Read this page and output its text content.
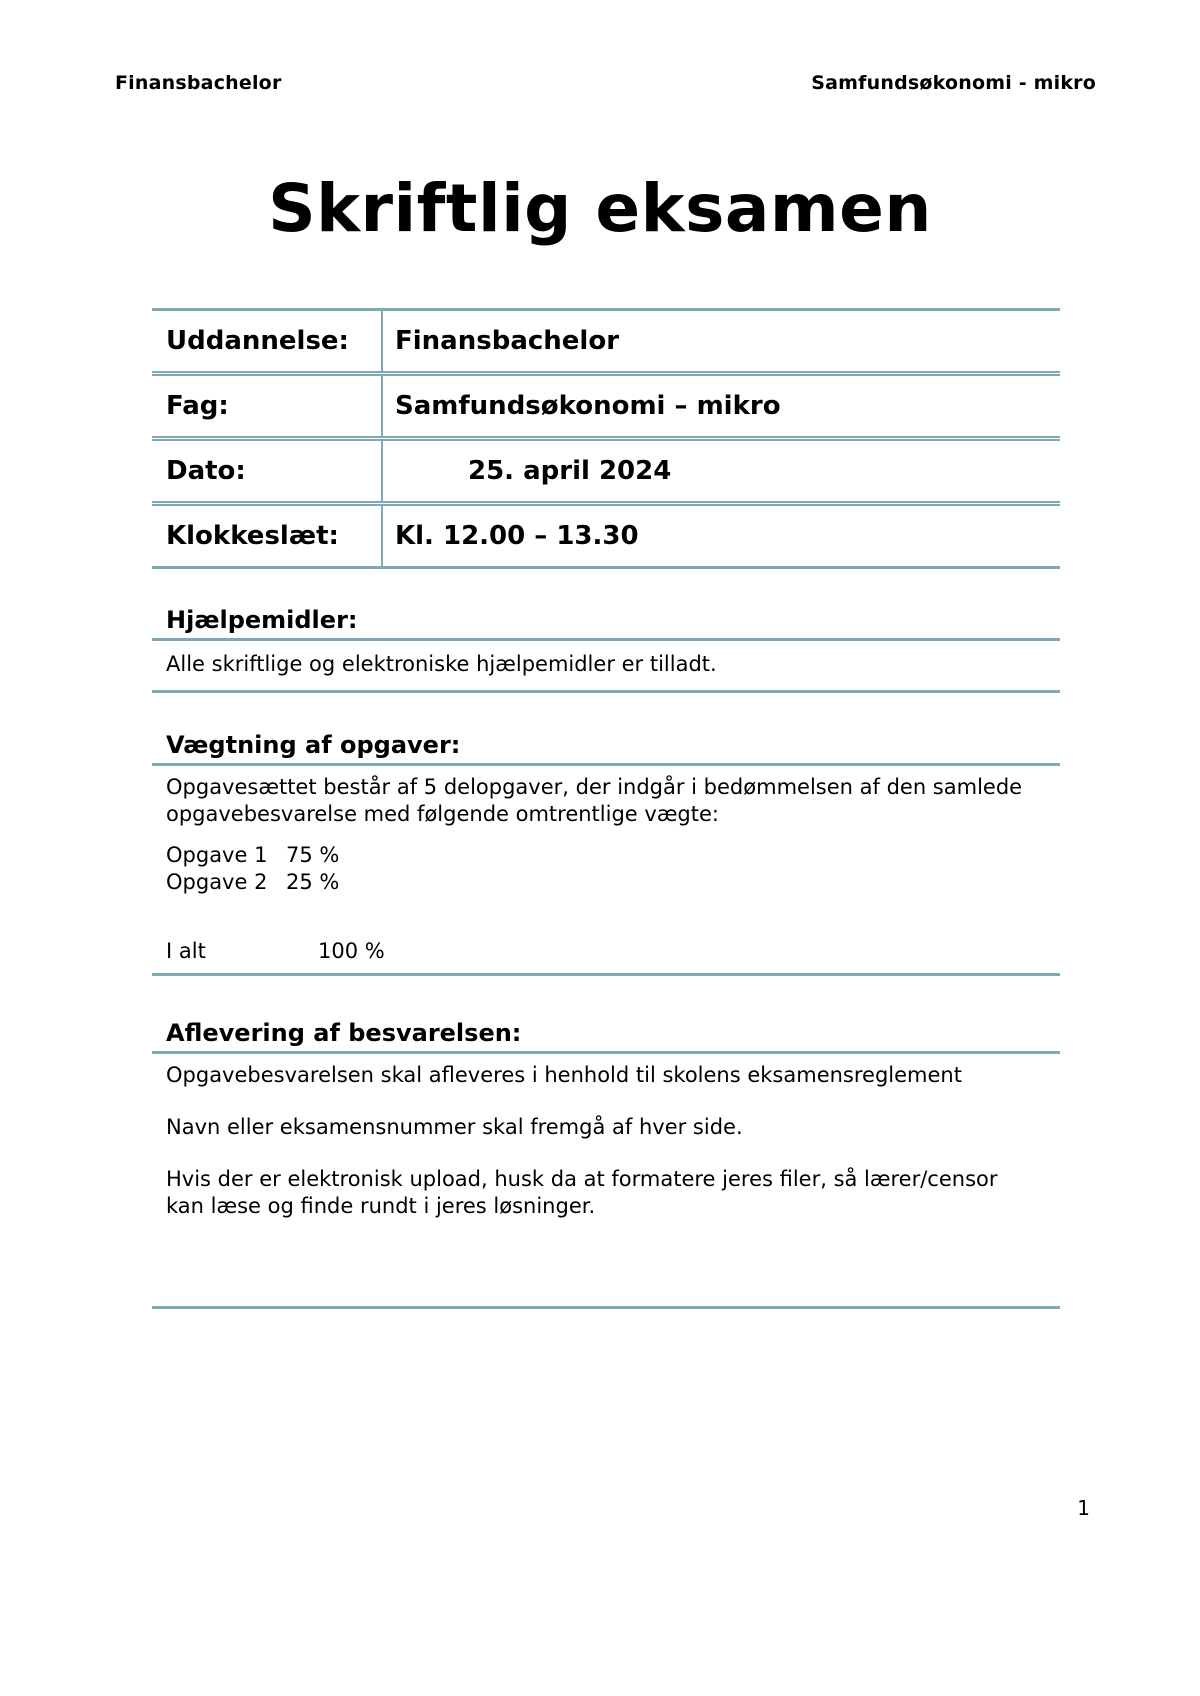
Finansbachelor	Samfundsøkonomi - mikro
Skriftlig eksamen
Uddannelse:	Finansbachelor
Fag:	Samfundsøkonomi – mikro
Dato:	25. april 2024
Klokkeslæt:	Kl. 12.00 – 13.30
Hjælpemidler:

Alle skriftlige og elektroniske hjælpemidler er tilladt.

Vægtning af opgaver:

Opgavesættet består af 5 delopgaver, der indgår i bedømmelsen af den samlede opgavebesvarelse med følgende omtrentlige vægte:

Opgave 1 75 %
Opgave 2 25 %
I alt	100 %
Aflevering af besvarelsen:

Opgavebesvarelsen skal afleveres i henhold til skolens eksamensreglement

Navn eller eksamensnummer skal fremgå af hver side.

Hvis der er elektronisk upload, husk da at formatere jeres filer, så lærer/censor kan læse og finde rundt i jeres løsninger.

1
